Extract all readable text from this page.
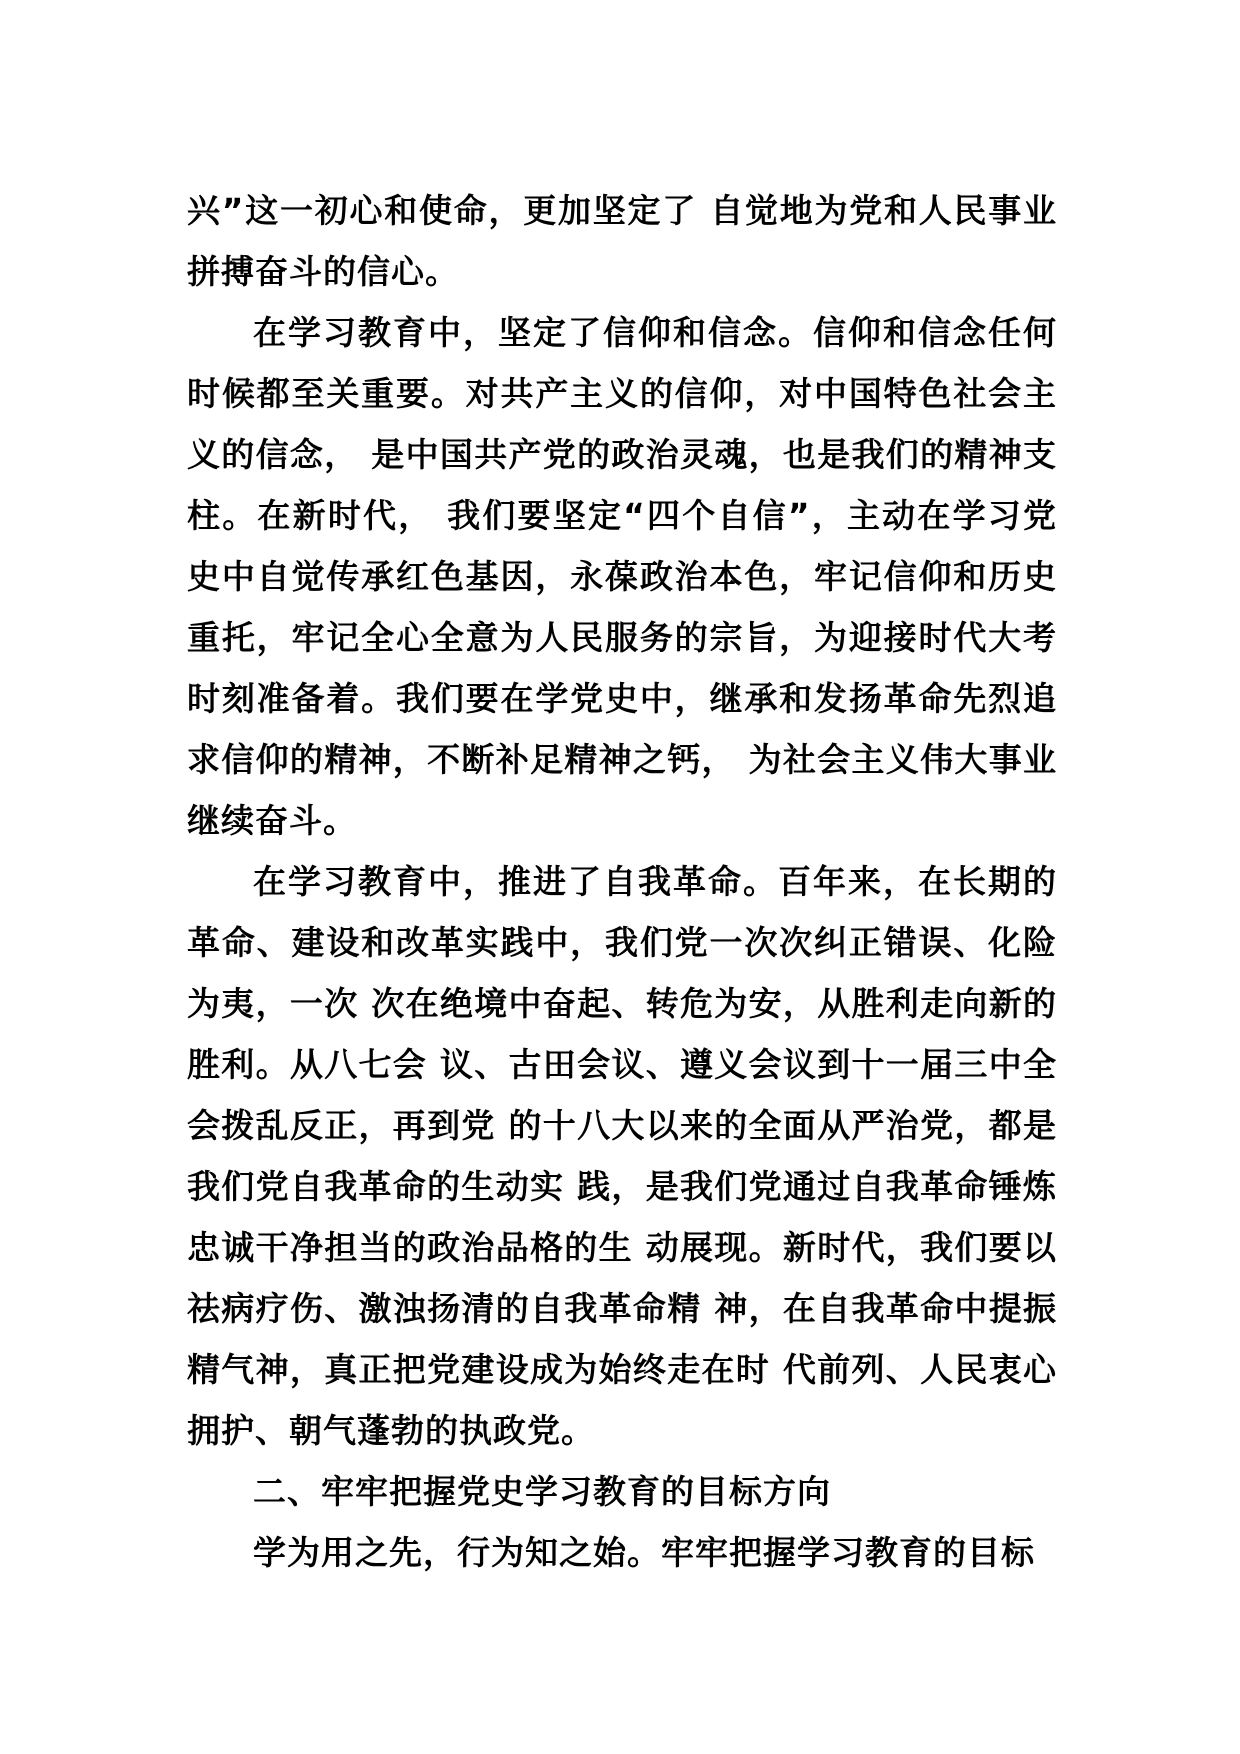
兴”这一初心和使命，更加坚定了 自觉地为党和人民事业拼搏奋斗的信心。

在学习教育中，坚定了信仰和信念。信仰和信念任何时候都至关重要。对共产主义的信仰，对中国特色社会主义的信念， 是中国共产党的政治灵魂，也是我们的精神支柱。在新时代， 我们要坚定“四个自信”，主动在学习党史中自觉传承红色基因，永葆政治本色，牢记信仰和历史重托，牢记全心全意为人民服务的宗旨，为迎接时代大考时刻准备着。我们要在学党史中，继承和发扬革命先烈追求信仰的精神，不断补足精神之钙， 为社会主义伟大事业继续奋斗。

在学习教育中，推进了自我革命。百年来，在长期的革命、建设和改革实践中，我们党一次次纠正错误、化险为夷，一次 次在绝境中奋起、转危为安，从胜利走向新的胜利。从八七会 议、古田会议、遵义会议到十一届三中全会拨乱反正，再到党 的十八大以来的全面从严治党，都是我们党自我革命的生动实 践，是我们党通过自我革命锤炼忠诚干净担当的政治品格的生 动展现。新时代，我们要以祛病疗伤、激浊扬清的自我革命精 神，在自我革命中提振精气神，真正把党建设成为始终走在时 代前列、人民衷心拥护、朝气蓬勃的执政党。

二、牢牢把握党史学习教育的目标方向

学为用之先，行为知之始。牢牢把握学习教育的目标
